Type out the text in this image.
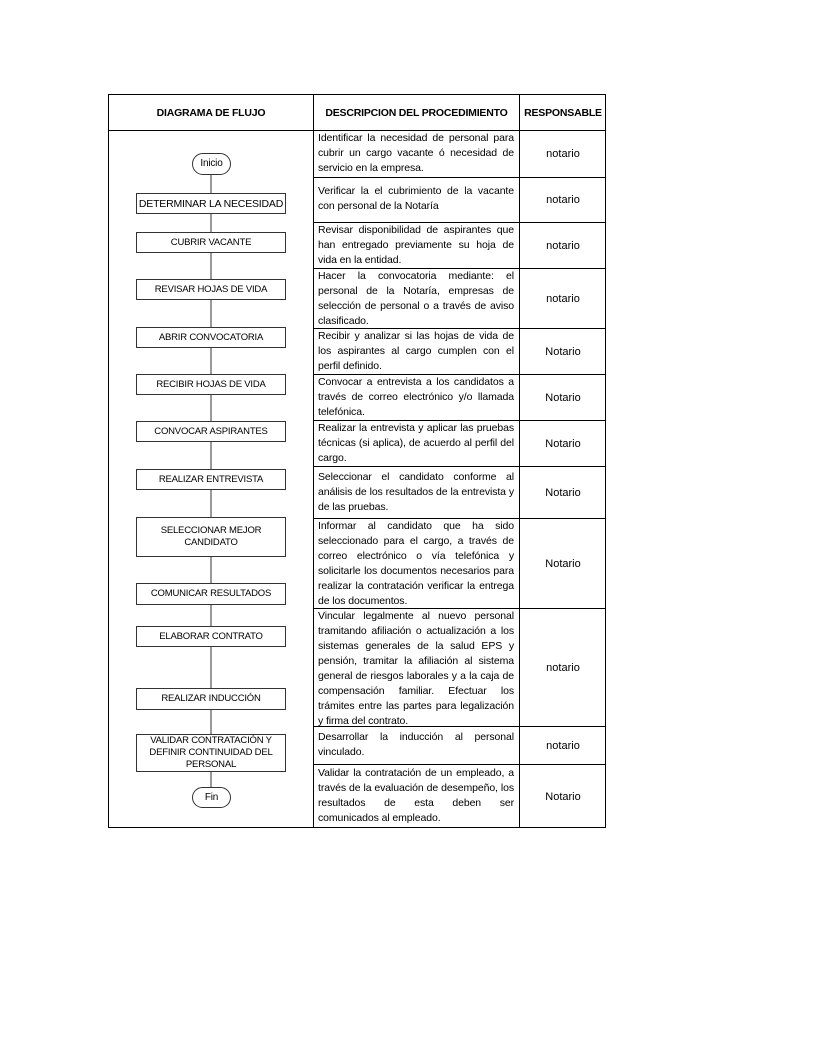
DIAGRAMA DE FLUJO	DESCRIPCION DEL PROCEDIMIENTO	RESPONSABLE
Inicio
DETERMINAR LA NECESIDAD
CUBRIR VACANTE
REVISAR HOJAS DE VIDA
ABRIR CONVOCATORIA
RECIBIR HOJAS DE VIDA
CONVOCAR ASPIRANTES
REALIZAR ENTREVISTA
SELECCIONAR MEJOR CANDIDATO
COMUNICAR RESULTADOS
ELABORAR CONTRATO
REALIZAR INDUCCIÓN
VALIDAR CONTRATACIÓN Y DEFINIR CONTINUIDAD DEL PERSONAL
Fin
Identificar la necesidad de personal para cubrir un cargo vacante ó necesidad de servicio en la empresa.
Verificar la el cubrimiento de la vacante con personal de la Notaría
Revisar disponibilidad de aspirantes que han entregado previamente su hoja de vida en la entidad.
Hacer la convocatoria mediante: el personal de la Notaría, empresas de selección de personal o a través de aviso clasificado.
Recibir y analizar si las hojas de vida de los aspirantes al cargo cumplen con el perfil definido.
Convocar a entrevista a los candidatos a través de correo electrónico y/o llamada telefónica.
Realizar la entrevista y aplicar las pruebas técnicas (si aplica), de acuerdo al perfil del cargo.
Seleccionar el candidato conforme al análisis de los resultados de la entrevista y de las pruebas.
Informar al candidato que ha sido seleccionado para el cargo, a través de correo electrónico o vía telefónica y solicitarle los documentos necesarios para realizar la contratación verificar la entrega de los documentos.
Vincular legalmente al nuevo personal tramitando afiliación o actualización a los sistemas generales de la salud EPS y pensión, tramitar la afiliación al sistema general de riesgos laborales y a la caja de compensación familiar. Efectuar los trámites entre las partes para legalización y firma del contrato.
Desarrollar la inducción al personal vinculado.
Validar la contratación de un empleado, a través de la evaluación de desempeño, los resultados de esta deben ser comunicados al empleado.
notario
notario
notario
notario
Notario
Notario
Notario
Notario
Notario
notario
notario
Notario
